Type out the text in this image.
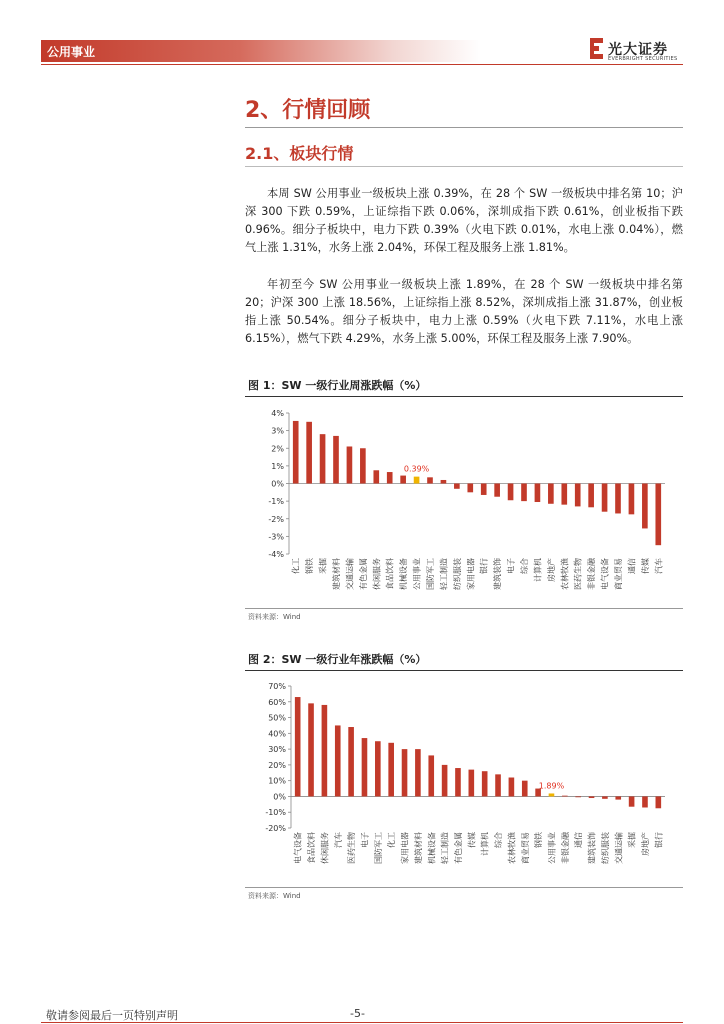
公用事业	光大证券
EVERBRIGHT SECURITIES
2、行情回顾
2.1、板块行情
本周 SW 公用事业一级板块上涨 0.39%，在 28 个 SW 一级板块中排名第 10；沪深 300 下跌 0.59%，上证综指下跌 0.06%，深圳成指下跌 0.61%，创业板指下跌 0.96%。细分子板块中，电力下跌 0.39%（火电下跌 0.01%，水电上涨 0.04%），燃气上涨 1.31%，水务上涨 2.04%，环保工程及服务上涨 1.81%。
年初至今 SW 公用事业一级板块上涨 1.89%，在 28 个 SW 一级板块中排名第 20；沪深 300 上涨 18.56%，上证综指上涨 8.52%，深圳成指上涨 31.87%，创业板指上涨 50.54%。细分子板块中，电力上涨 0.59%（火电下跌 7.11%，水电上涨 6.15%），燃气下跌 4.29%，水务上涨 5.00%，环保工程及服务上涨 7.90%。
图 1：SW 一级行业周涨跌幅（%）
4%
3%
2%
1%
0%
-1%
-2%
-3%
-4%
化工 钢铁 采掘 建筑材料 交通运输 有色金属 休闲服务 食品饮料 机械设备
0.39%
公用事业 国防军工 轻工制造 纺织服装 家用电器 银行 建筑装饰 电子 综合 计算机 房地产 农林牧渔 医药生物 非银金融 电气设备 商业贸易 通信 传媒 汽车
资料来源：Wind
图 2：SW 一级行业年涨跌幅（%）
70%
60%
50%
40%
30%
20%
10%
0%
-10%
-20%
电气设备 食品饮料 休闲服务 汽车 医药生物 电子 国防军工 化工 家用电器 建筑材料 机械设备 轻工制造 有色金属 传媒 计算机 综合 农林牧渔 商业贸易 钢铁
1.89%
公用事业 非银金融 通信 建筑装饰 纺织服装 交通运输 采掘 房地产 银行
资料来源：Wind
敬请参阅最后一页特别声明	-5-
